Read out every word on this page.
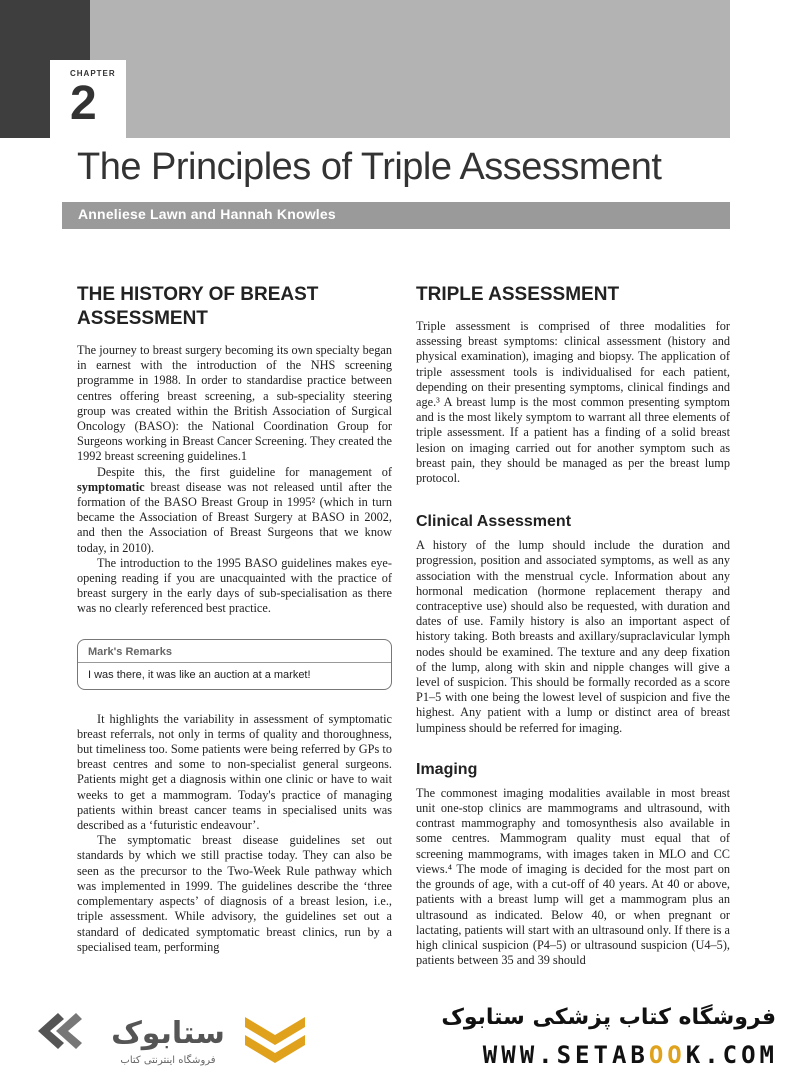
CHAPTER
2
The Principles of Triple Assessment
Anneliese Lawn and Hannah Knowles
THE HISTORY OF BREAST ASSESSMENT

The journey to breast surgery becoming its own specialty began in earnest with the introduction of the NHS screening programme in 1988. In order to standardise practice between centres offering breast screening, a sub-speciality steering group was created within the British Association of Surgical Oncology (BASO): the National Coordination Group for Surgeons working in Breast Cancer Screening. They created the 1992 breast screening guidelines.1

Despite this, the first guideline for management of symptomatic breast disease was not released until after the formation of the BASO Breast Group in 1995² (which in turn became the Association of Breast Surgery at BASO in 2002, and then the Association of Breast Surgeons that we know today, in 2010).

The introduction to the 1995 BASO guidelines makes eye-opening reading if you are unacquainted with the practice of breast surgery in the early days of sub-specialisation as there was no clearly referenced best practice.

Mark's Remarks
I was there, it was like an auction at a market!

It highlights the variability in assessment of symptomatic breast referrals, not only in terms of quality and thoroughness, but timeliness too. Some patients were being referred by GPs to breast centres and some to non-specialist general surgeons. Patients might get a diagnosis within one clinic or have to wait weeks to get a mammogram. Today's practice of managing patients within breast cancer teams in specialised units was described as a ‘futuristic endeavour’.

The symptomatic breast disease guidelines set out standards by which we still practise today. They can also be seen as the precursor to the Two-Week Rule pathway which was implemented in 1999. The guidelines describe the ‘three complementary aspects’ of diagnosis of a breast lesion, i.e., triple assessment. While advisory, the guidelines set out a standard of dedicated symptomatic breast clinics, run by a specialised team, performing

TRIPLE ASSESSMENT

Triple assessment is comprised of three modalities for assessing breast symptoms: clinical assessment (history and physical examination), imaging and biopsy. The application of triple assessment tools is individualised for each patient, depending on their presenting symptoms, clinical findings and age.³ A breast lump is the most common presenting symptom and is the most likely symptom to warrant all three elements of triple assessment. If a patient has a finding of a solid breast lesion on imaging carried out for another symptom such as breast pain, they should be managed as per the breast lump protocol.

Clinical Assessment

A history of the lump should include the duration and progression, position and associated symptoms, as well as any association with the menstrual cycle. Information about any hormonal medication (hormone replacement therapy and contraceptive use) should also be requested, with duration and dates of use. Family history is also an important aspect of history taking. Both breasts and axillary/supraclavicular lymph nodes should be examined. The texture and any deep fixation of the lump, along with skin and nipple changes will give a level of suspicion. This should be formally recorded as a score P1–5 with one being the lowest level of suspicion and five the highest. Any patient with a lump or distinct area of breast lumpiness should be referred for imaging.

Imaging

The commonest imaging modalities available in most breast unit one-stop clinics are mammograms and ultrasound, with contrast mammography and tomosynthesis also available in some centres. Mammogram quality must equal that of screening mammograms, with images taken in MLO and CC views.⁴ The mode of imaging is decided for the most part on the grounds of age, with a cut-off of 40 years. At 40 or above, patients with a breast lump will get a mammogram plus an ultrasound as indicated. Below 40, or when pregnant or lactating, patients will start with an ultrasound only. If there is a high clinical suspicion (P4–5) or ultrasound suspicion (U4–5), patients between 35 and 39 should

ستابوک
فروشگاه اینترنتی کتاب
فروشگاه کتاب پزشکی ستابوک
WWW.SETABOOK.COM
